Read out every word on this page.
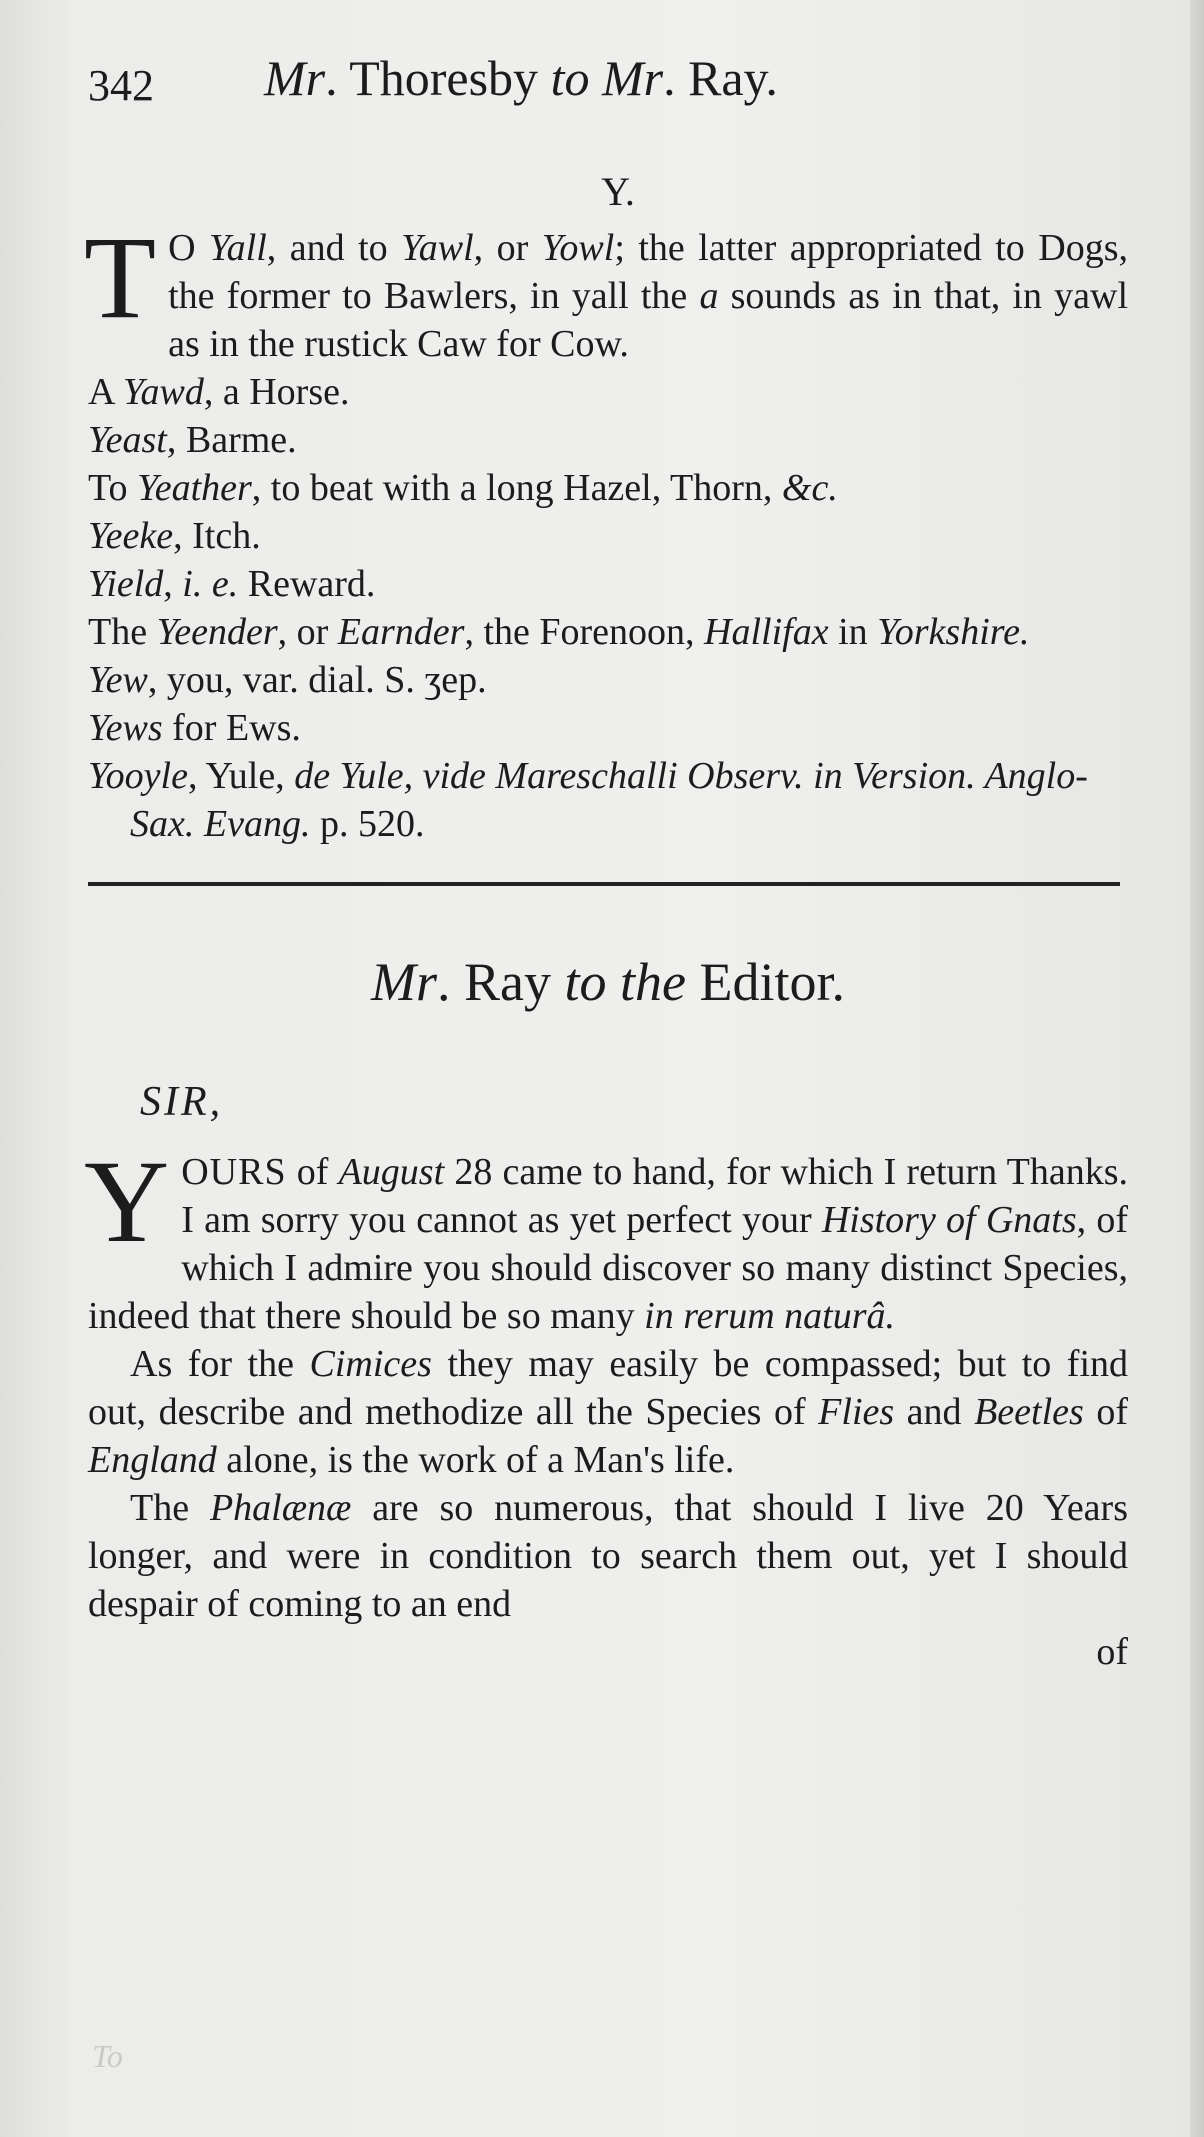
342 Mr. Thoresby to Mr. Ray.
Y.

T O Yall, and to Yawl, or Yowl; the latter appropriated to Dogs, the former to Bawlers, in yall the a sounds as in that, in yawl as in the rustick Caw for Cow.

A Yawd, a Horse.

Yeast, Barme.

To Yeather, to beat with a long Hazel, Thorn, &c.

Yeeke, Itch.

Yield, i. e. Reward.

The Yeender, or Earnder, the Forenoon, Hallifax in Yorkshire.

Yew, you, var. dial. S. ʒep.

Yews for Ews.

Yooyle, Yule, de Yule, vide Mareschalli Observ. in Version. Anglo-Sax. Evang. p. 520.

Mr. Ray to the Editor.
SIR,

Y OURS of August 28 came to hand, for which I return Thanks. I am sorry you cannot as yet perfect your History of Gnats, of which I admire you should discover so many distinct Species, indeed that there should be so many in rerum naturâ.

As for the Cimices they may easily be compassed; but to find out, describe and methodize all the Species of Flies and Beetles of England alone, is the work of a Man's life.

The Phalænæ are so numerous, that should I live 20 Years longer, and were in condition to search them out, yet I should despair of coming to an end

of

To
